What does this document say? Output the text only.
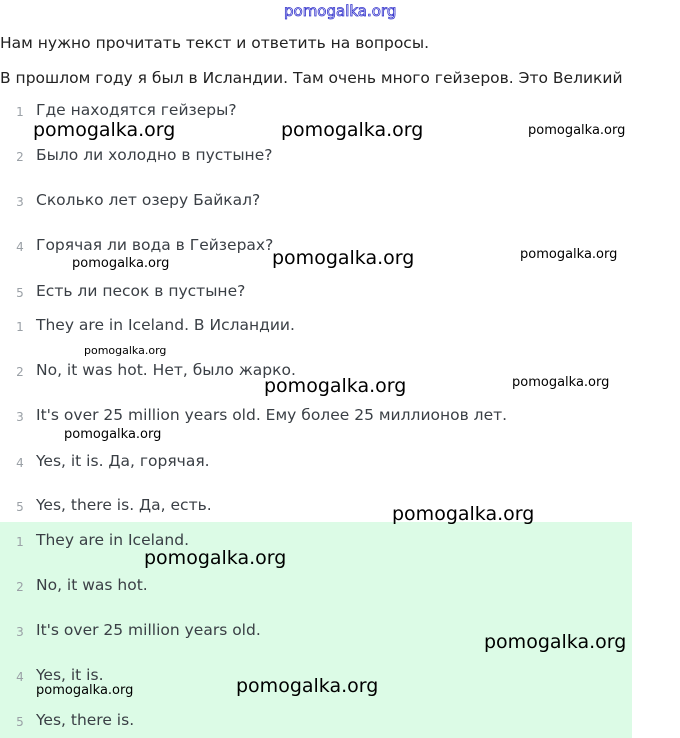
pomogalka.org
Нам нужно прочитать текст и ответить на вопросы.
В прошлом году я был в Исландии. Там очень много гейзеров. Это Великий
1 Где находятся гейзеры?
2 Было ли холодно в пустыне?
3 Сколько лет озеру Байкал?
4 Горячая ли вода в Гейзерах?
5 Есть ли песок в пустыне?
1 They are in Iceland. В Исландии.
2 No, it was hot. Нет, было жарко.
3 It's over 25 million years old. Ему более 25 миллионов лет.
4 Yes, it is. Да, горячая.
5 Yes, there is. Да, есть.
1 They are in Iceland.
2 No, it was hot.
3 It's over 25 million years old.
4 Yes, it is.
5 Yes, there is.
pomogalka.org	pomogalka.org	pomogalka.org
pomogalka.org	pomogalka.org	pomogalka.org
pomogalka.org
pomogalka.org	pomogalka.org
pomogalka.org
pomogalka.org
pomogalka.org
pomogalka.org
pomogalka.org	pomogalka.org
